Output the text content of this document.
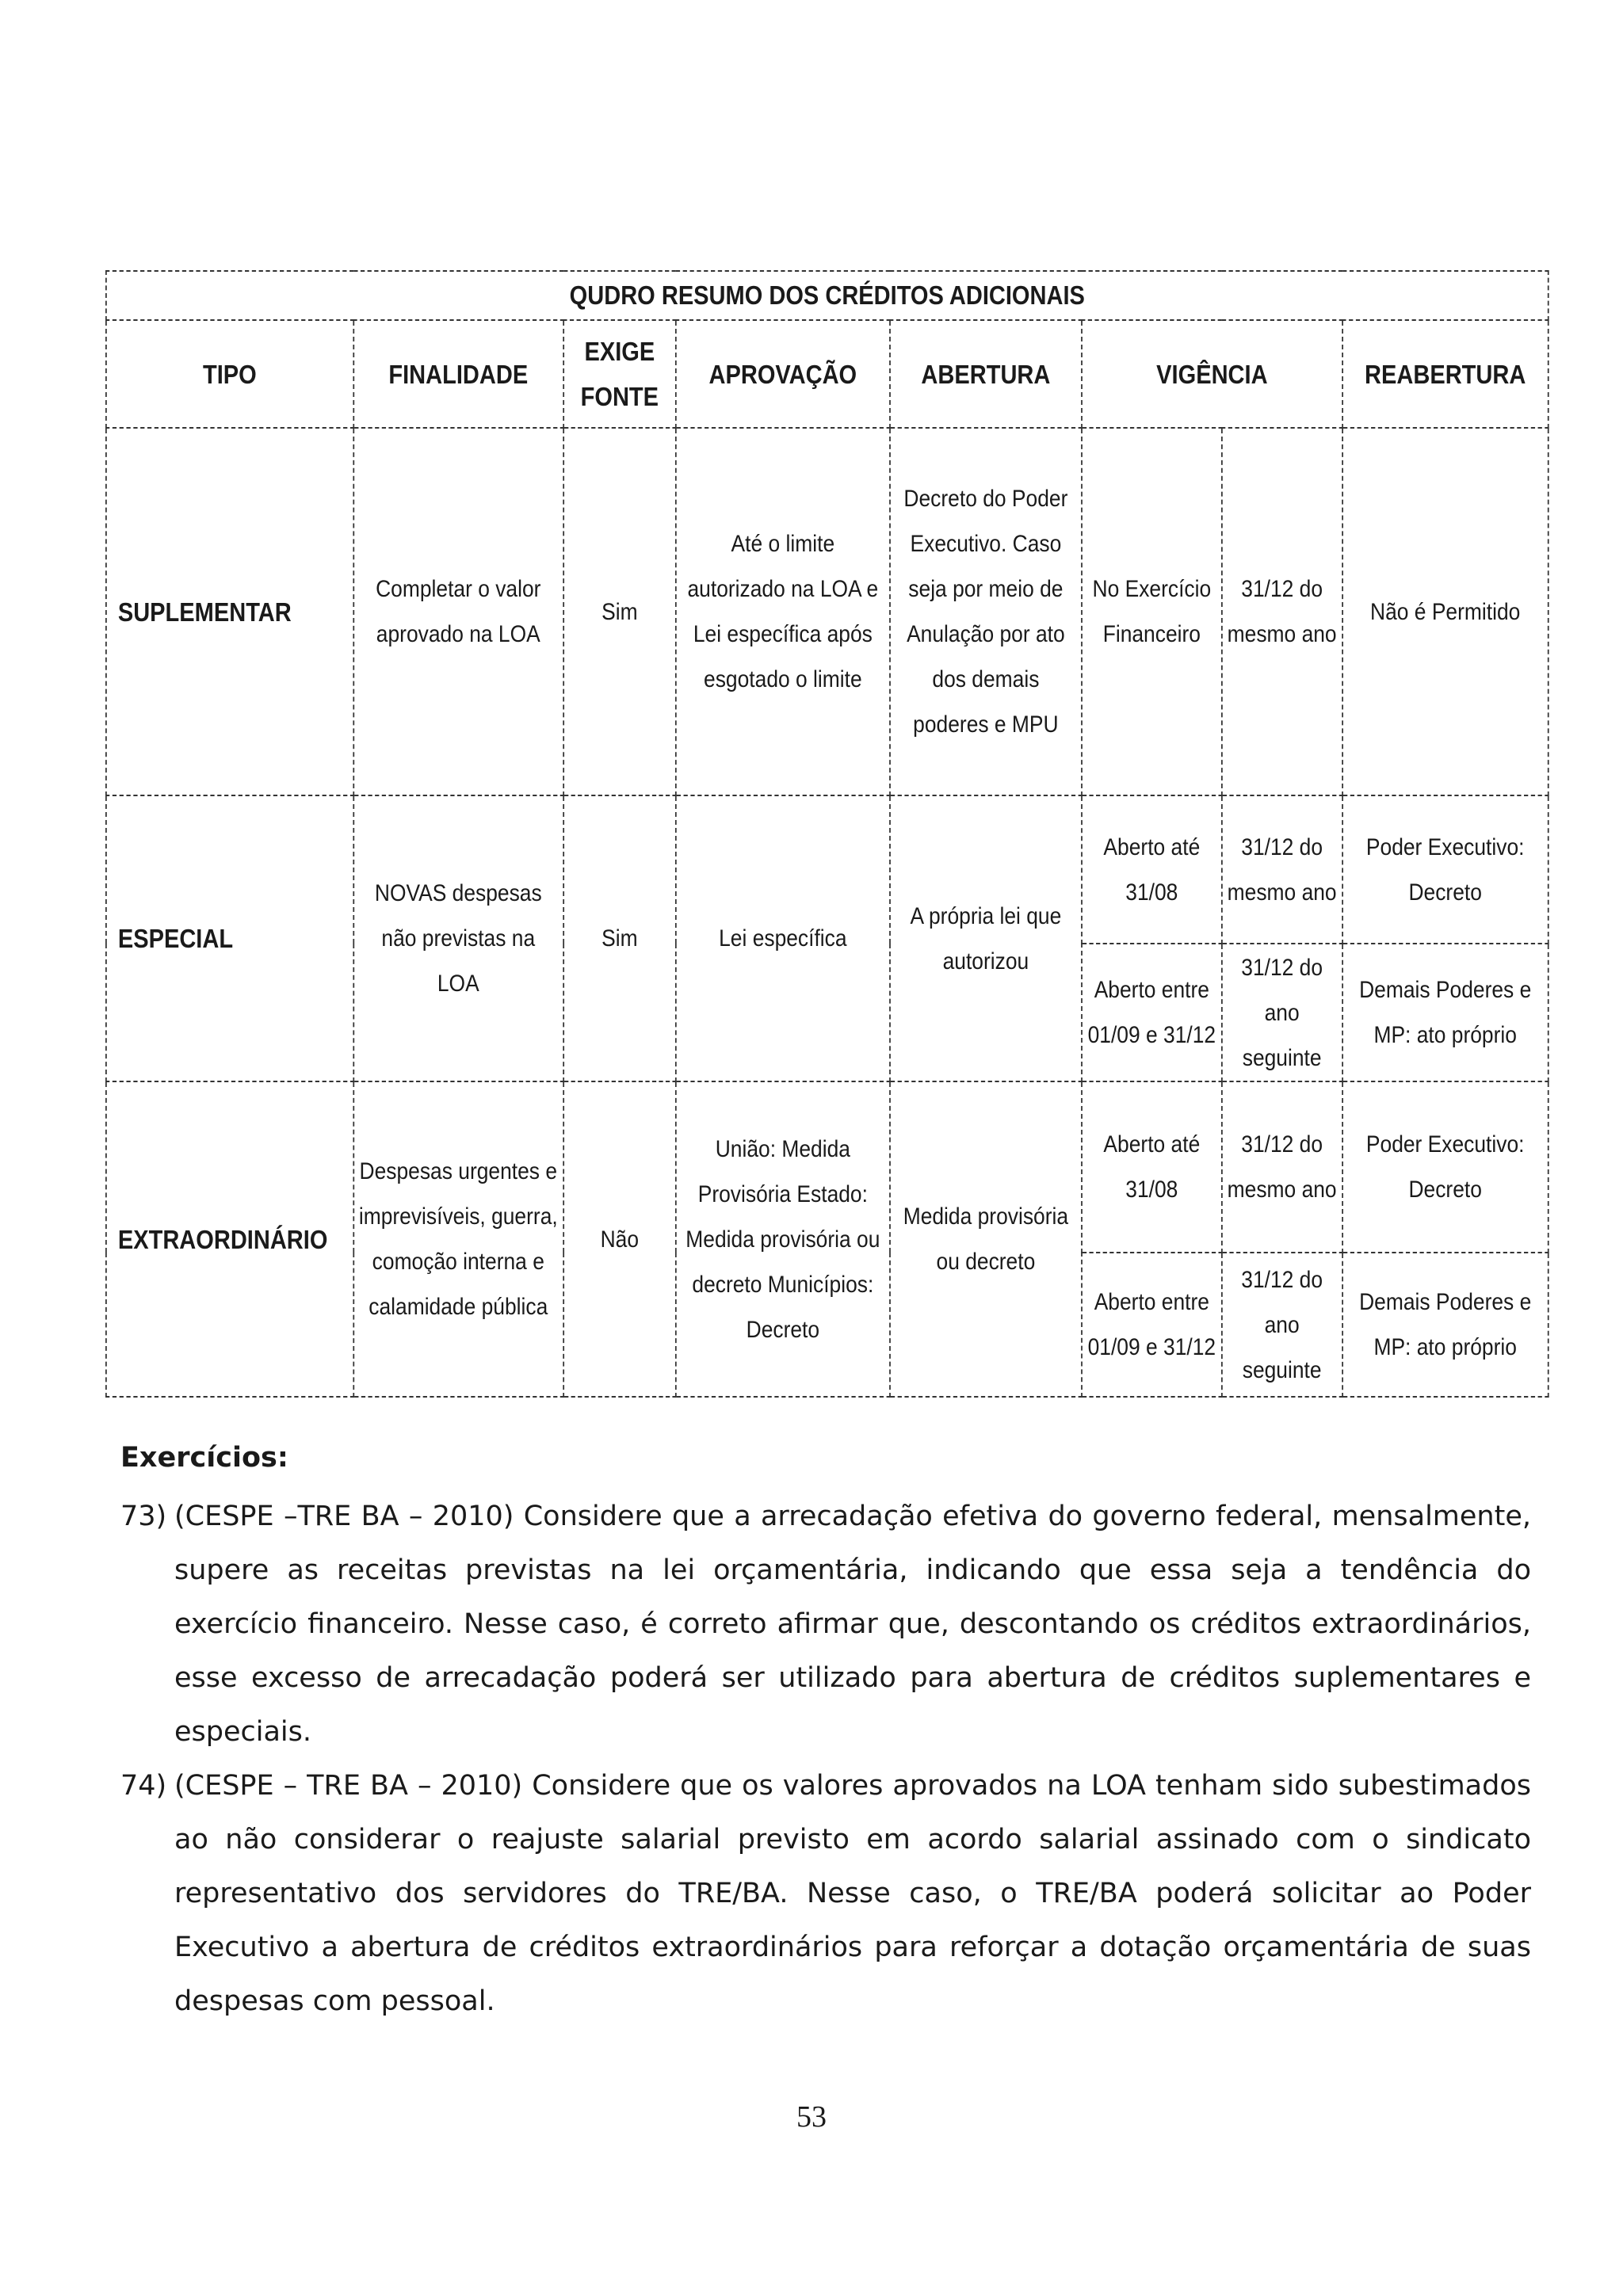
QUDRO RESUMO DOS CRÉDITOS ADICIONAIS							
TIPO	FINALIDADE	EXIGE FONTE	APROVAÇÃO	ABERTURA	VIGÊNCIA		REABERTURA
SUPLEMENTAR	Completar o valor aprovado na LOA	Sim	Até o limite autorizado na LOA e Lei específica após esgotado o limite	Decreto do Poder Executivo. Caso seja por meio de Anulação por ato dos demais poderes e MPU	No Exercício Financeiro	31/12 do mesmo ano	Não é Permitido
ESPECIAL	NOVAS despesas não previstas na LOA	Sim	Lei específica	A própria lei que autorizou	Aberto até 31/08	31/12 do mesmo ano	Poder Executivo: Decreto
					Aberto entre 01/09 e 31/12	31/12 do ano seguinte	Demais Poderes e MP: ato próprio
EXTRAORDINÁRIO	Despesas urgentes e imprevisíveis, guerra, comoção interna e calamidade pública	Não	União: Medida Provisória Estado: Medida provisória ou decreto Municípios: Decreto	Medida provisória ou decreto	Aberto até 31/08	31/12 do mesmo ano	Poder Executivo: Decreto
					Aberto entre 01/09 e 31/12	31/12 do ano seguinte	Demais Poderes e MP: ato próprio
Exercícios:
73) (CESPE –TRE BA – 2010) Considere que a arrecadação efetiva do governo federal, mensalmente, supere as receitas previstas na lei orçamentária, indicando que essa seja a tendência do exercício financeiro. Nesse caso, é correto afirmar que, descontando os créditos extraordinários, esse excesso de arrecadação poderá ser utilizado para abertura de créditos suplementares e especiais.
74) (CESPE – TRE BA – 2010) Considere que os valores aprovados na LOA tenham sido subestimados ao não considerar o reajuste salarial previsto em acordo salarial assinado com o sindicato representativo dos servidores do TRE/BA. Nesse caso, o TRE/BA poderá solicitar ao Poder Executivo a abertura de créditos extraordinários para reforçar a dotação orçamentária de suas despesas com pessoal.
53
